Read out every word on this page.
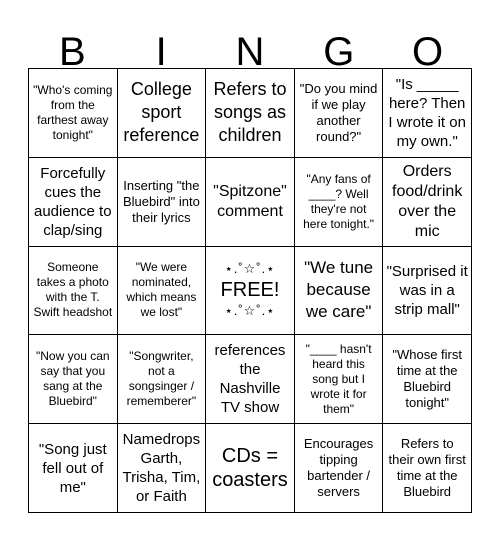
B	I	N	G	O
"Who's coming from the farthest away tonight"
College sport reference
Refers to songs as children
"Do you mind if we play another round?"
"Is _____ here? Then I wrote it on my own."
Forcefully cues the audience to clap/sing
Inserting "the Bluebird" into their lyrics
"Spitzone" comment
"Any fans of ____? Well they're not here tonight."
Orders food/drink over the mic
Someone takes a photo with the T. Swift headshot
"We were nominated, which means we lost"
⋆.˚☆˚.⋆
FREE!
⋆.˚☆˚.⋆
"We tune because we care"
"Surprised it was in a strip mall"
"Now you can say that you sang at the Bluebird"
"Songwriter, not a songsinger / rememberer"
references the Nashville TV show
"____ hasn't heard this song but I wrote it for them"
"Whose first time at the Bluebird tonight"
"Song just fell out of me"
Namedrops Garth, Trisha, Tim, or Faith
CDs = coasters
Encourages tipping bartender / servers
Refers to their own first time at the Bluebird
